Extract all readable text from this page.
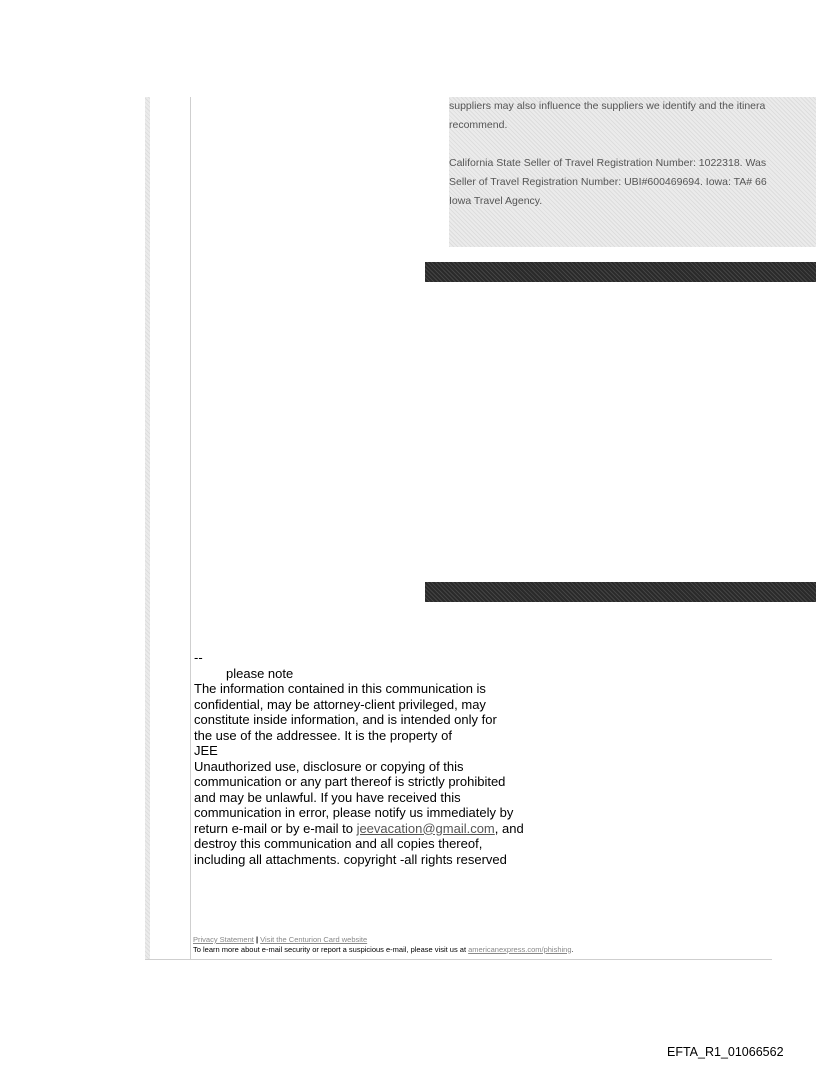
suppliers may also influence the suppliers we identify and the itinera

recommend.

California State Seller of Travel Registration Number: 1022318. Was

Seller of Travel Registration Number: UBI#600469694. Iowa: TA# 66

Iowa Travel Agency.

--
please note
The information contained in this communication is
confidential, may be attorney-client privileged, may
constitute inside information, and is intended only for
the use of the addressee. It is the property of
JEE
Unauthorized use, disclosure or copying of this
communication or any part thereof is strictly prohibited
and may be unlawful. If you have received this
communication in error, please notify us immediately by
return e-mail or by e-mail to jeevacation@gmail.com, and
destroy this communication and all copies thereof,
including all attachments. copyright -all rights reserved
Privacy Statement | Visit the Centurion Card website
To learn more about e-mail security or report a suspicious e-mail, please visit us at americanexpress.com/phishing.
EFTA_R1_01066562
